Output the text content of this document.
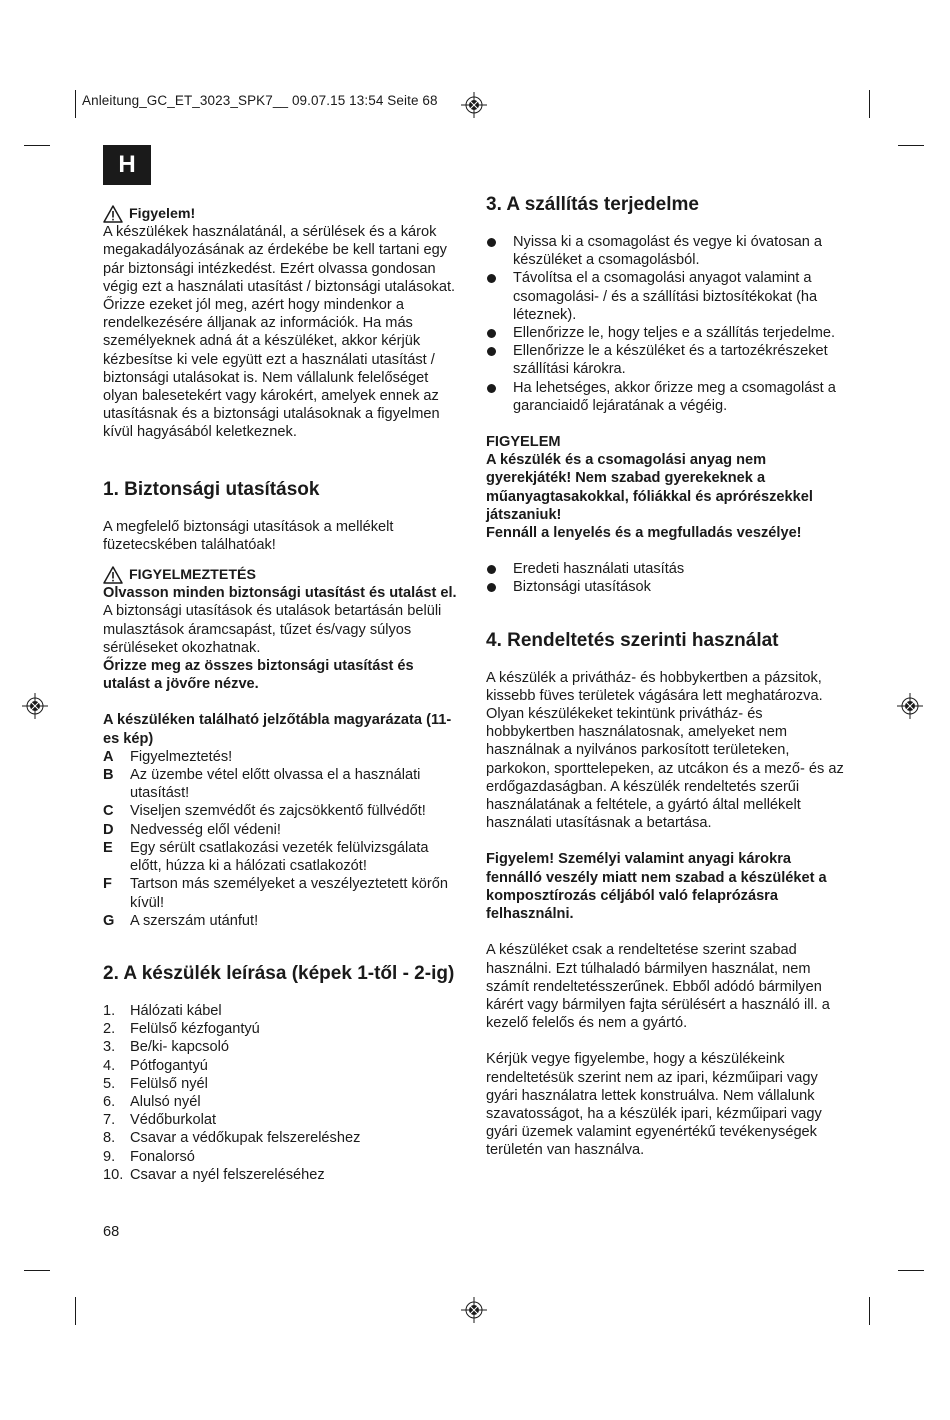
Anleitung_GC_ET_3023_SPK7__ 09.07.15 13:54 Seite 68
H
Figyelem!

A készülékek használatánál, a sérülések és a károk megakadályozásának az érdekébe be kell tartani egy pár biztonsági intézkedést. Ezért olvassa gondosan végig ezt a használati utasítást / biztonsági utalásokat. Őrizze ezeket jól meg, azért hogy mindenkor a rendelkezésére álljanak az információk. Ha más személyeknek adná át a készüléket, akkor kérjük kézbesítse ki vele együtt ezt a használati utasítást / biztonsági utalásokat is. Nem vállalunk felelőséget olyan balesetekért vagy károkért, amelyek ennek az utasításnak és a biztonsági utalásoknak a figyelmen kívül hagyásából keletkeznek.

1. Biztonsági utasítások

A megfelelő biztonsági utasítások a mellékelt füzetecskében találhatóak!

FIGYELMEZTETÉS

Olvasson minden biztonsági utasítást és utalást el. A biztonsági utasítások és utalások betartásán belüli mulasztások áramcsapást, tűzet és/vagy súlyos sérüléseket okozhatnak.

Őrizze meg az összes biztonsági utasítást és utalást a jövőre nézve.

A készüléken található jelzőtábla magyarázata (11-es kép)

A	Figyelmeztetés!
B	Az üzembe vétel előtt olvassa el a használati utasítást!
C	Viseljen szemvédőt és zajcsökkentő füllvédőt!
D	Nedvesség elől védeni!
E	Egy sérült csatlakozási vezeték felülvizsgálata előtt, húzza ki a hálózati csatlakozót!
F	Tartson más személyeket a veszélyeztetett körőn kívül!
G	A szerszám utánfut!
2. A készülék leírása (képek 1-től - 2-ig)
1.	Hálózati kábel
2.	Felülső kézfogantyú
3.	Be/ki- kapcsoló
4.	Pótfogantyú
5.	Felülső nyél
6.	Alulsó nyél
7.	Védőburkolat
8.	Csavar a védőkupak felszereléshez
9.	Fonalorsó
10. Csavar a nyél felszereléséhez
3. A szállítás terjedelme
Nyissa ki a csomagolást és vegye ki óvatosan a készüléket a csomagolásból.
Távolítsa el a csomagolási anyagot valamint a csomagolási- / és a szállítási biztosítékokat (ha léteznek).
Ellenőrizze le, hogy teljes e a szállítás terjedelme.
Ellenőrizze le a készüléket és a tartozékrészeket szállítási károkra.
Ha lehetséges, akkor őrizze meg a csomagolást a garanciaidő lejáratának a végéig.

FIGYELEM

A készülék és a csomagolási anyag nem gyerekjáték! Nem szabad gyerekeknek a műanyagtasakokkal, fóliákkal és aprórészekkel játszaniuk!

Fennáll a lenyelés és a megfulladás veszélye!

Eredeti használati utasítás
Biztonsági utasítások
4. Rendeltetés szerinti használat

A készülék a privátház- és hobbykertben a pázsitok, kissebb füves területek vágására lett meghatározva. Olyan készülékeket tekintünk privátház- és hobbykertben használatosnak, amelyeket nem használnak a nyilvános parkosított területeken, parkokon, sporttelepeken, az utcákon és a mező- és az erdőgazdaságban. A készülék rendeltetés szerűi használatának a feltétele, a gyártó által mellékelt használati utasításnak a betartása.

Figyelem! Személyi valamint anyagi károkra fennálló veszély miatt nem szabad a készüléket a komposztírozás céljából való felaprózásra felhasználni.

A készüléket csak a rendeltetése szerint szabad használni. Ezt túlhaladó bármilyen használat, nem számít rendeltetésszerűnek. Ebből adódó bármilyen kárért vagy bármilyen fajta sérülésért a használó ill. a kezelő felelős és nem a gyártó.

Kérjük vegye figyelembe, hogy a készülékeink rendeltetésük szerint nem az ipari, kézműipari vagy gyári használatra lettek konstruálva. Nem vállalunk szavatosságot, ha a készülék ipari, kézműipari vagy gyári üzemek valamint egyenértékű tevékenységek területén van használva.

68
